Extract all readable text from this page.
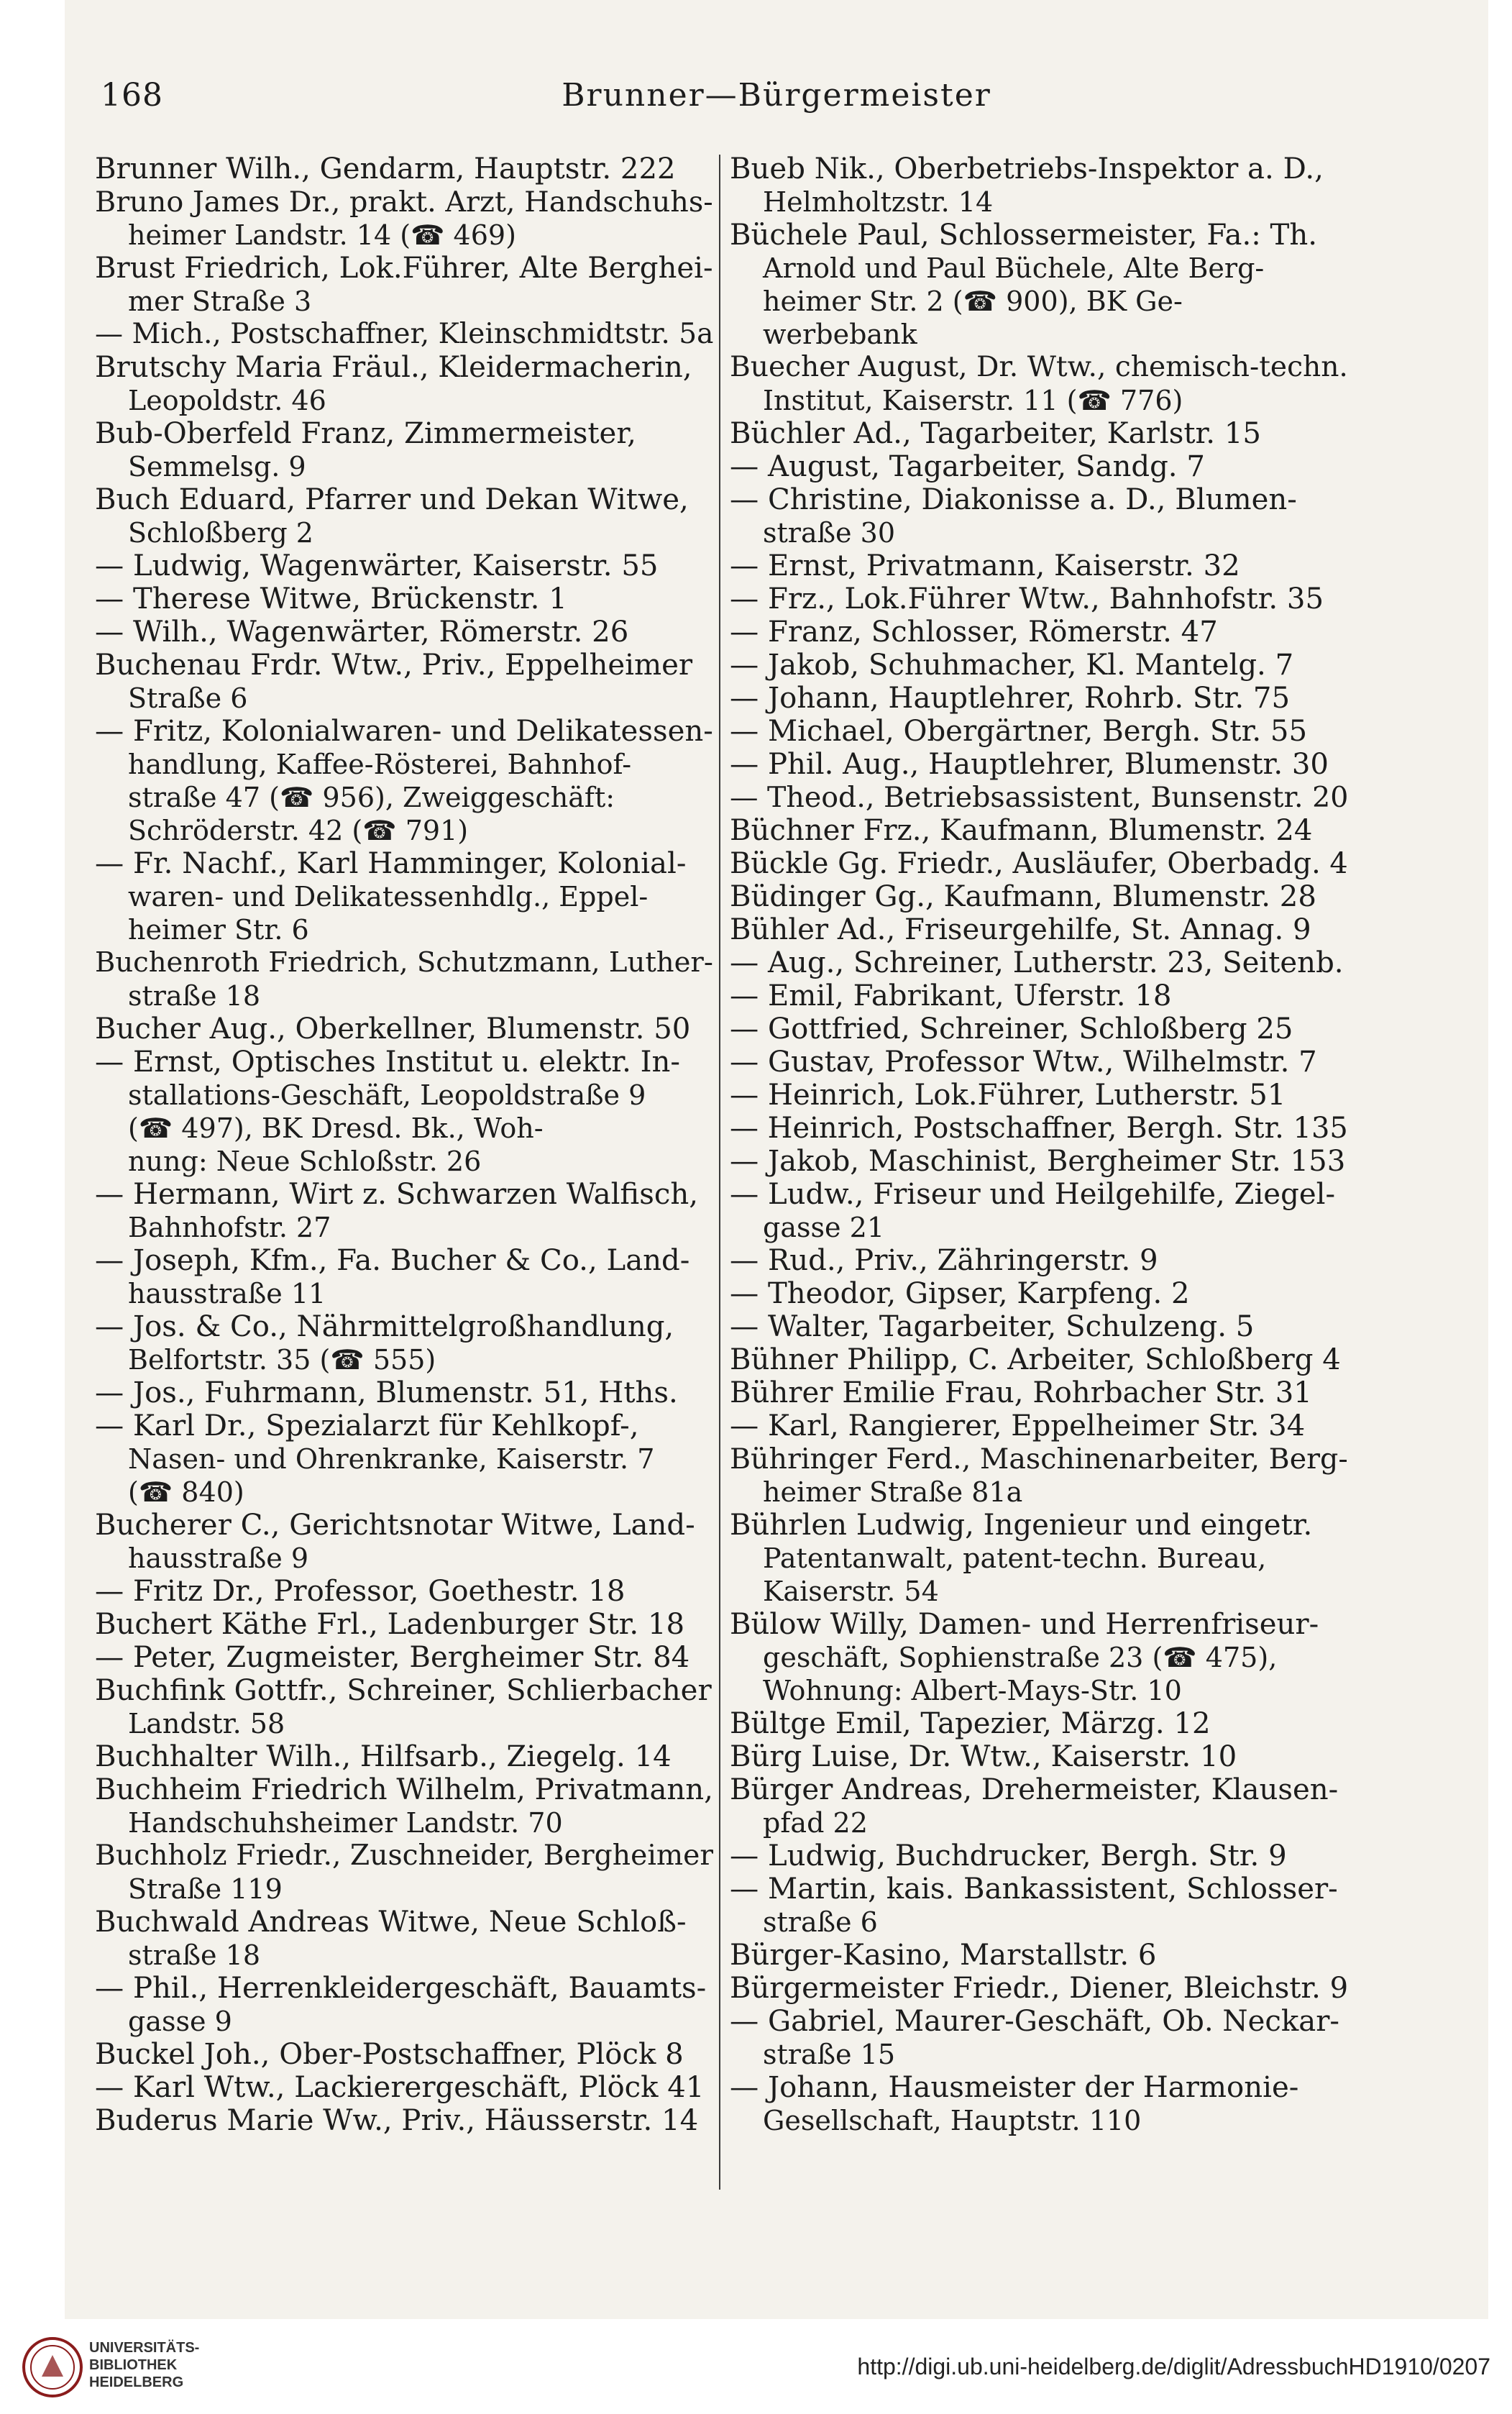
168	Brunner—Bürgermeister
Brunner Wilh., Gendarm, Hauptstr. 222
Bruno James Dr., prakt. Arzt, Handschuhs-
heimer Landstr. 14 (☎ 469)
Brust Friedrich, Lok.Führer, Alte Berghei-
mer Straße 3
— Mich., Postschaffner, Kleinschmidtstr. 5a
Brutschy Maria Fräul., Kleidermacherin,
Leopoldstr. 46
Bub-Oberfeld Franz, Zimmermeister,
Semmelsg. 9
Buch Eduard, Pfarrer und Dekan Witwe,
Schloßberg 2
— Ludwig, Wagenwärter, Kaiserstr. 55
— Therese Witwe, Brückenstr. 1
— Wilh., Wagenwärter, Römerstr. 26
Buchenau Frdr. Wtw., Priv., Eppelheimer
Straße 6
— Fritz, Kolonialwaren- und Delikatessen-
handlung, Kaffee-Rösterei, Bahnhof-
straße 47 (☎ 956), Zweiggeschäft:
Schröderstr. 42 (☎ 791)
— Fr. Nachf., Karl Hamminger, Kolonial-
waren- und Delikatessenhdlg., Eppel-
heimer Str. 6
Buchenroth Friedrich, Schutzmann, Luther-
straße 18
Bucher Aug., Oberkellner, Blumenstr. 50
— Ernst, Optisches Institut u. elektr. In-
stallations-Geschäft, Leopoldstraße 9
(☎ 497), BK Dresd. Bk., Woh-
nung: Neue Schloßstr. 26
— Hermann, Wirt z. Schwarzen Walfisch,
Bahnhofstr. 27
— Joseph, Kfm., Fa. Bucher & Co., Land-
hausstraße 11
— Jos. & Co., Nährmittelgroßhandlung,
Belfortstr. 35 (☎ 555)
— Jos., Fuhrmann, Blumenstr. 51, Hths.
— Karl Dr., Spezialarzt für Kehlkopf-,
Nasen- und Ohrenkranke, Kaiserstr. 7
(☎ 840)
Bucherer C., Gerichtsnotar Witwe, Land-
hausstraße 9
— Fritz Dr., Professor, Goethestr. 18
Buchert Käthe Frl., Ladenburger Str. 18
— Peter, Zugmeister, Bergheimer Str. 84
Buchfink Gottfr., Schreiner, Schlierbacher
Landstr. 58
Buchhalter Wilh., Hilfsarb., Ziegelg. 14
Buchheim Friedrich Wilhelm, Privatmann,
Handschuhsheimer Landstr. 70
Buchholz Friedr., Zuschneider, Bergheimer
Straße 119
Buchwald Andreas Witwe, Neue Schloß-
straße 18
— Phil., Herrenkleidergeschäft, Bauamts-
gasse 9
Buckel Joh., Ober-Postschaffner, Plöck 8
— Karl Wtw., Lackierergeschäft, Plöck 41
Buderus Marie Ww., Priv., Häusserstr. 14
Bueb Nik., Oberbetriebs-Inspektor a. D.,
Helmholtzstr. 14
Büchele Paul, Schlossermeister, Fa.: Th.
Arnold und Paul Büchele, Alte Berg-
heimer Str. 2 (☎ 900), BK Ge-
werbebank
Buecher August, Dr. Wtw., chemisch-techn.
Institut, Kaiserstr. 11 (☎ 776)
Büchler Ad., Tagarbeiter, Karlstr. 15
— August, Tagarbeiter, Sandg. 7
— Christine, Diakonisse a. D., Blumen-
straße 30
— Ernst, Privatmann, Kaiserstr. 32
— Frz., Lok.Führer Wtw., Bahnhofstr. 35
— Franz, Schlosser, Römerstr. 47
— Jakob, Schuhmacher, Kl. Mantelg. 7
— Johann, Hauptlehrer, Rohrb. Str. 75
— Michael, Obergärtner, Bergh. Str. 55
— Phil. Aug., Hauptlehrer, Blumenstr. 30
— Theod., Betriebsassistent, Bunsenstr. 20
Büchner Frz., Kaufmann, Blumenstr. 24
Bückle Gg. Friedr., Ausläufer, Oberbadg. 4
Büdinger Gg., Kaufmann, Blumenstr. 28
Bühler Ad., Friseurgehilfe, St. Annag. 9
— Aug., Schreiner, Lutherstr. 23, Seitenb.
— Emil, Fabrikant, Uferstr. 18
— Gottfried, Schreiner, Schloßberg 25
— Gustav, Professor Wtw., Wilhelmstr. 7
— Heinrich, Lok.Führer, Lutherstr. 51
— Heinrich, Postschaffner, Bergh. Str. 135
— Jakob, Maschinist, Bergheimer Str. 153
— Ludw., Friseur und Heilgehilfe, Ziegel-
gasse 21
— Rud., Priv., Zähringerstr. 9
— Theodor, Gipser, Karpfeng. 2
— Walter, Tagarbeiter, Schulzeng. 5
Bühner Philipp, C. Arbeiter, Schloßberg 4
Bührer Emilie Frau, Rohrbacher Str. 31
— Karl, Rangierer, Eppelheimer Str. 34
Bühringer Ferd., Maschinenarbeiter, Berg-
heimer Straße 81a
Bührlen Ludwig, Ingenieur und eingetr.
Patentanwalt, patent-techn. Bureau,
Kaiserstr. 54
Bülow Willy, Damen- und Herrenfriseur-
geschäft, Sophienstraße 23 (☎ 475),
Wohnung: Albert-Mays-Str. 10
Bültge Emil, Tapezier, Märzg. 12
Bürg Luise, Dr. Wtw., Kaiserstr. 10
Bürger Andreas, Drehermeister, Klausen-
pfad 22
— Ludwig, Buchdrucker, Bergh. Str. 9
— Martin, kais. Bankassistent, Schlosser-
straße 6
Bürger-Kasino, Marstallstr. 6
Bürgermeister Friedr., Diener, Bleichstr. 9
— Gabriel, Maurer-Geschäft, Ob. Neckar-
straße 15
— Johann, Hausmeister der Harmonie-
Gesellschaft, Hauptstr. 110
UNIVERSITÄTS-
BIBLIOTHEK
HEIDELBERG
http://digi.ub.uni-heidelberg.de/diglit/AdressbuchHD1910/0207
